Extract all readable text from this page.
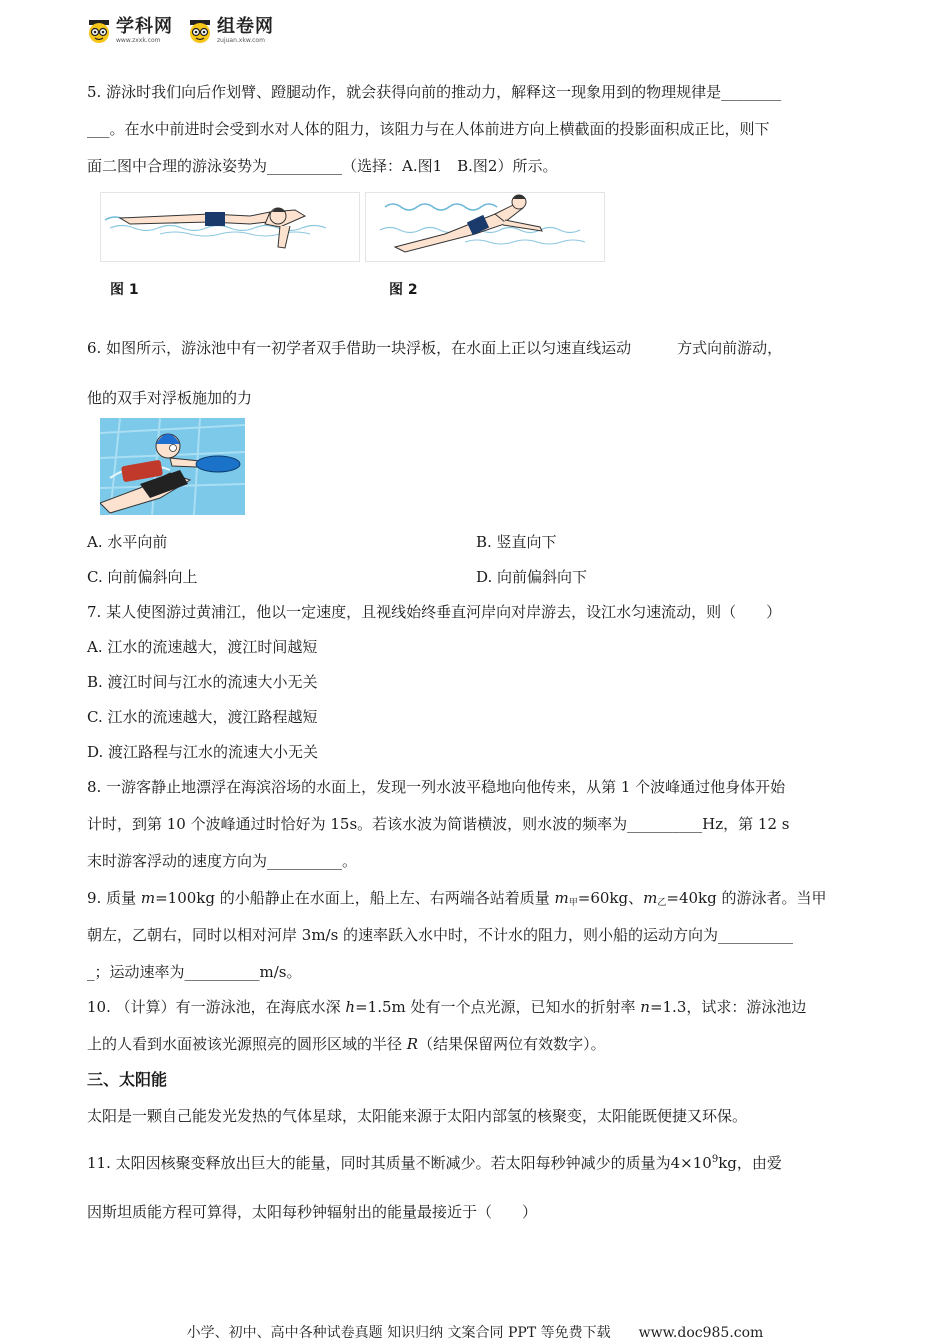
学科网
www.zxxk.com
组卷网
zujuan.xkw.com
5. 游泳时我们向后作划臂、蹬腿动作，就会获得向前的推动力，解释这一现象用到的物理规律是________
___。在水中前进时会受到水对人体的阻力，该阻力与在人体前进方向上横截面的投影面积成正比，则下
面二图中合理的游泳姿势为__________（选择：A.图1　B.图2）所示。
图 1	图 2
6. 如图所示，游泳池中有一初学者双手借助一块浮板，在水面上正以匀速直线运动	方式向前游动，
他的双手对浮板施加的力
A. 水平向前	B. 竖直向下
C. 向前偏斜向上	D. 向前偏斜向下
7. 某人使图游过黄浦江，他以一定速度，且视线始终垂直河岸向对岸游去，设江水匀速流动，则（　　）
A. 江水的流速越大，渡江时间越短
B. 渡江时间与江水的流速大小无关
C. 江水的流速越大，渡江路程越短
D. 渡江路程与江水的流速大小无关
8. 一游客静止地漂浮在海滨浴场的水面上，发现一列水波平稳地向他传来，从第 1 个波峰通过他身体开始
计时，到第 10 个波峰通过时恰好为 15s。若该水波为简谐横波，则水波的频率为__________Hz，第 12 s
末时游客浮动的速度方向为__________。
9. 质量 m=100kg 的小船静止在水面上，船上左、右两端各站着质量 $m_甲=60kg$、$m_乙=40kg$ 的游泳者。当甲
朝左，乙朝右，同时以相对河岸 3m/s 的速率跃入水中时，不计水的阻力，则小船的运动方向为__________
_；运动速率为__________m/s。
10. （计算）有一游泳池，在海底水深 h=1.5m 处有一个点光源，已知水的折射率 n=1.3，试求：游泳池边
上的人看到水面被该光源照亮的圆形区域的半径 R（结果保留两位有效数字）。
三、太阳能
太阳是一颗自己能发光发热的气体星球，太阳能来源于太阳内部氢的核聚变，太阳能既便捷又环保。
11. 太阳因核聚变释放出巨大的能量，同时其质量不断减少。若太阳每秒钟减少的质量为$4\times 10^9kg$，由爱
因斯坦质能方程可算得，太阳每秒钟辐射出的能量最接近于（　　）
小学、初中、高中各种试卷真题 知识归纳 文案合同 PPT 等免费下载　　www.doc985.com
